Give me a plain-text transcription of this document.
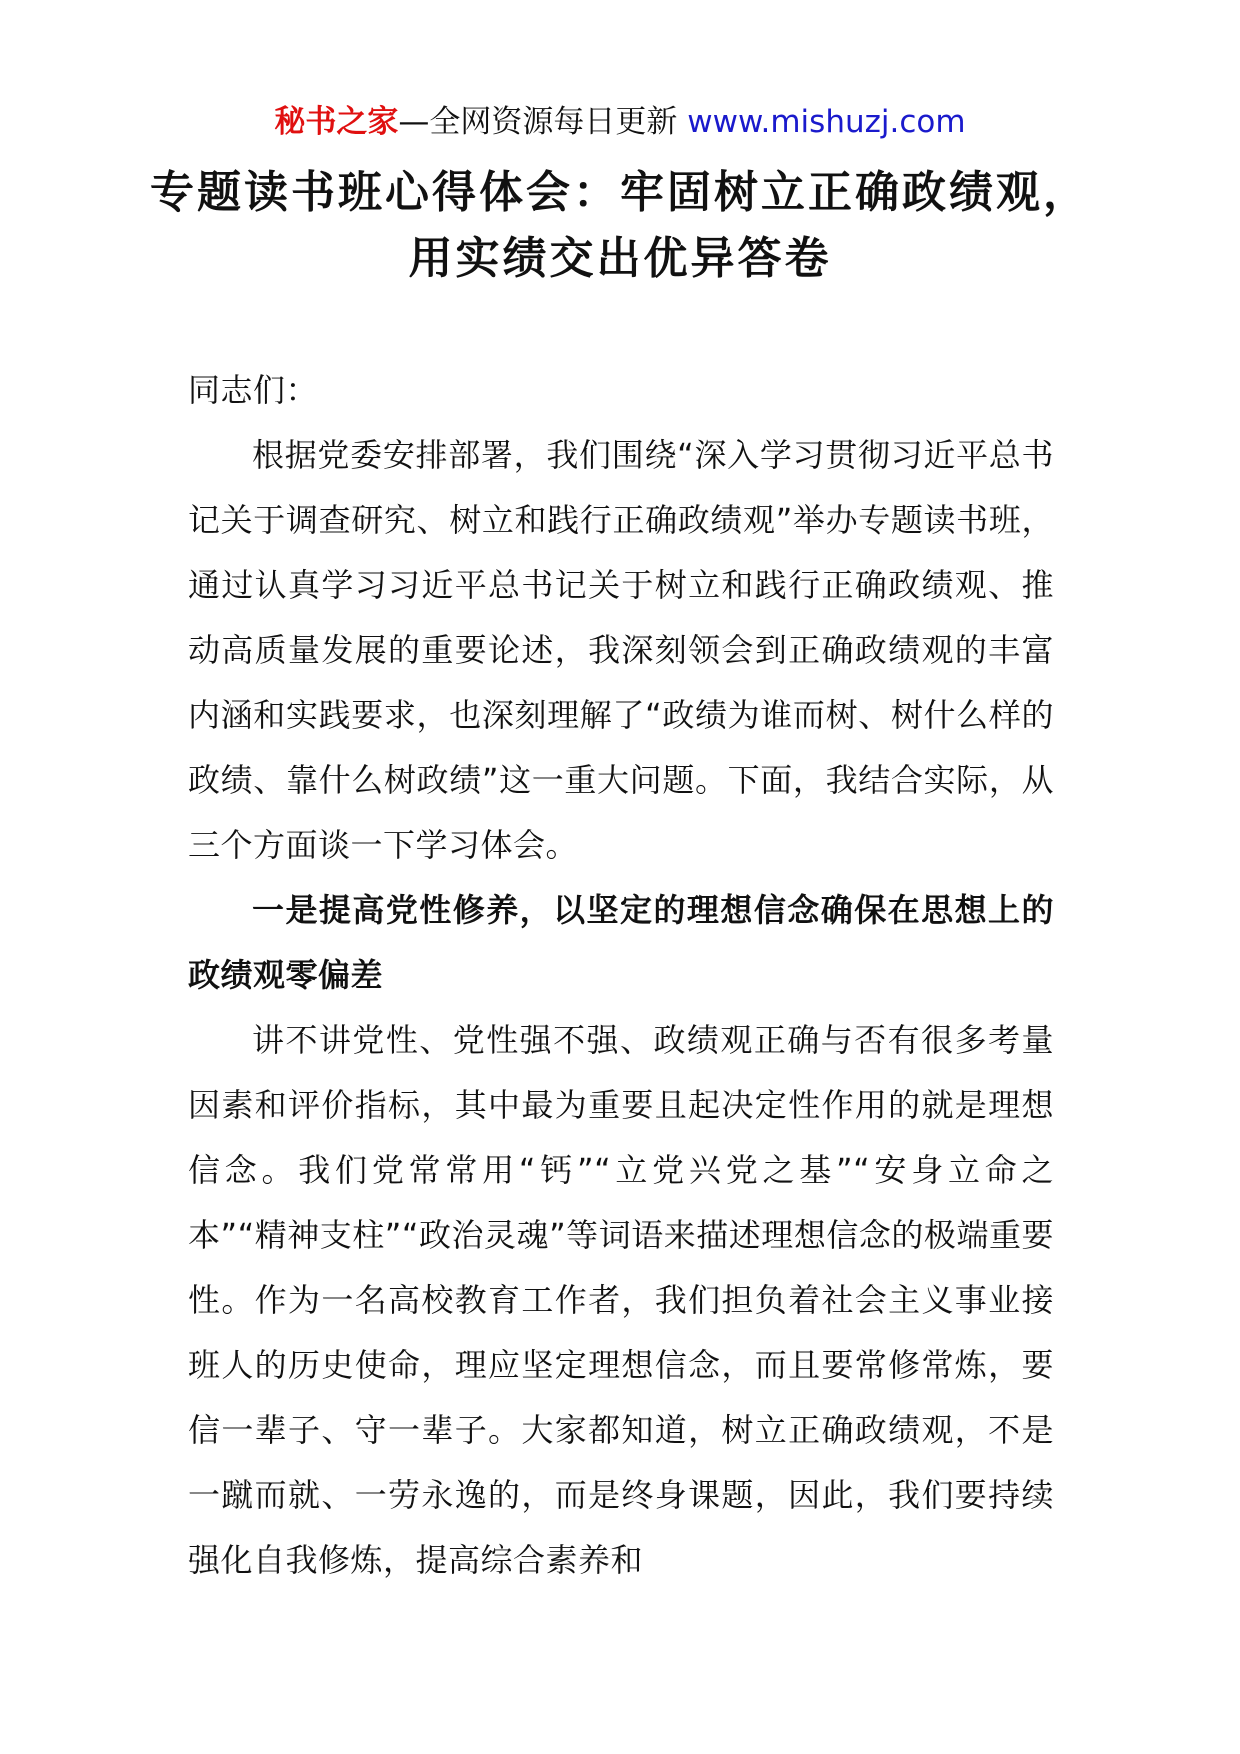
秘书之家—全网资源每日更新 www.mishuzj.com
专题读书班心得体会：牢固树立正确政绩观，用实绩交出优异答卷

同志们：

根据党委安排部署，我们围绕“深入学习贯彻习近平总书记关于调查研究、树立和践行正确政绩观”举办专题读书班，通过认真学习习近平总书记关于树立和践行正确政绩观、推动高质量发展的重要论述，我深刻领会到正确政绩观的丰富内涵和实践要求，也深刻理解了“政绩为谁而树、树什么样的政绩、靠什么树政绩”这一重大问题。下面，我结合实际，从三个方面谈一下学习体会。

一是提高党性修养，以坚定的理想信念确保在思想上的政绩观零偏差

讲不讲党性、党性强不强、政绩观正确与否有很多考量因素和评价指标，其中最为重要且起决定性作用的就是理想信念。我们党常常用“钙”“立党兴党之基”“安身立命之本”“精神支柱”“政治灵魂”等词语来描述理想信念的极端重要性。作为一名高校教育工作者，我们担负着社会主义事业接班人的历史使命，理应坚定理想信念，而且要常修常炼，要信一辈子、守一辈子。大家都知道，树立正确政绩观，不是一蹴而就、一劳永逸的，而是终身课题，因此，我们要持续强化自我修炼，提高综合素养和
